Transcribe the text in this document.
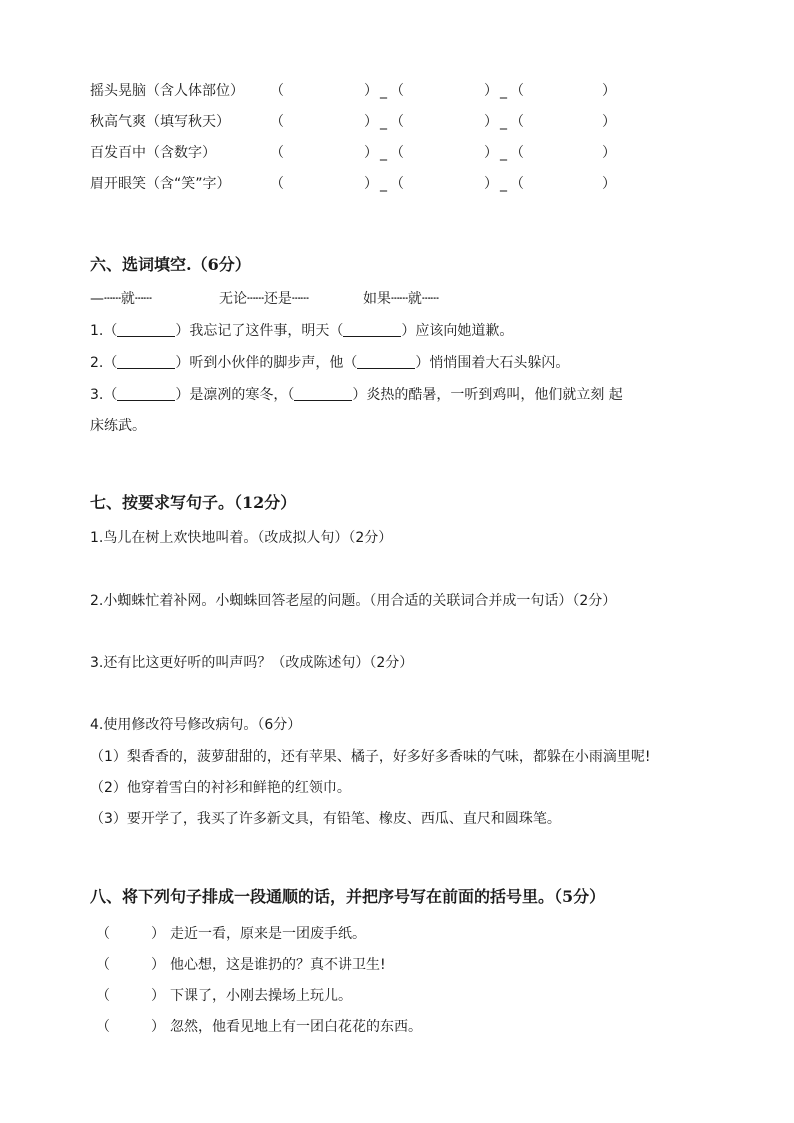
摇头晃脑（含人体部位） （	） _ （	） _ （	）
秋高气爽（填写秋天）	（	） _ （	） _ （	）
百发百中（含数字）	（	） _ （	） _ （	）
眉开眼笑（含“笑”字）	（	） _ （	） _ （	）
六、选词填空.（6分）
—┄┄就┄┄	无论┄┄还是┄┄	如果┄┄就┄┄
1.（	）我忘记了这件事，明天（	）应该向她道歉。
2.（	）听到小伙伴的脚步声，他（	）悄悄围着大石头躲闪。
3.（	）是凛冽的寒冬，（	）炎热的酷暑，一听到鸡叫，他们就立刻 起
床练武。
七、按要求写句子。（12分）
1.鸟儿在树上欢快地叫着。（改成拟人句）（2分）
2.小蜘蛛忙着补网。小蜘蛛回答老屋的问题。（用合适的关联词合并成一句话）（2分）
3.还有比这更好听的叫声吗？（改成陈述句）（2分）
4.使用修改符号修改病句。（6分）
（1）梨香香的，菠萝甜甜的，还有苹果、橘子，好多好多香味的气味，都躲在小雨滴里呢!
（2）他穿着雪白的衬衫和鲜艳的红领巾。
（3）要开学了，我买了许多新文具，有铅笔、橡皮、西瓜、直尺和圆珠笔。
八、将下列句子排成一段通顺的话，并把序号写在前面的括号里。（5分）
（	） 走近一看，原来是一团废手纸。
（	） 他心想，这是谁扔的？真不讲卫生!
（	） 下课了，小刚去操场上玩儿。
（	） 忽然，他看见地上有一团白花花的东西。
